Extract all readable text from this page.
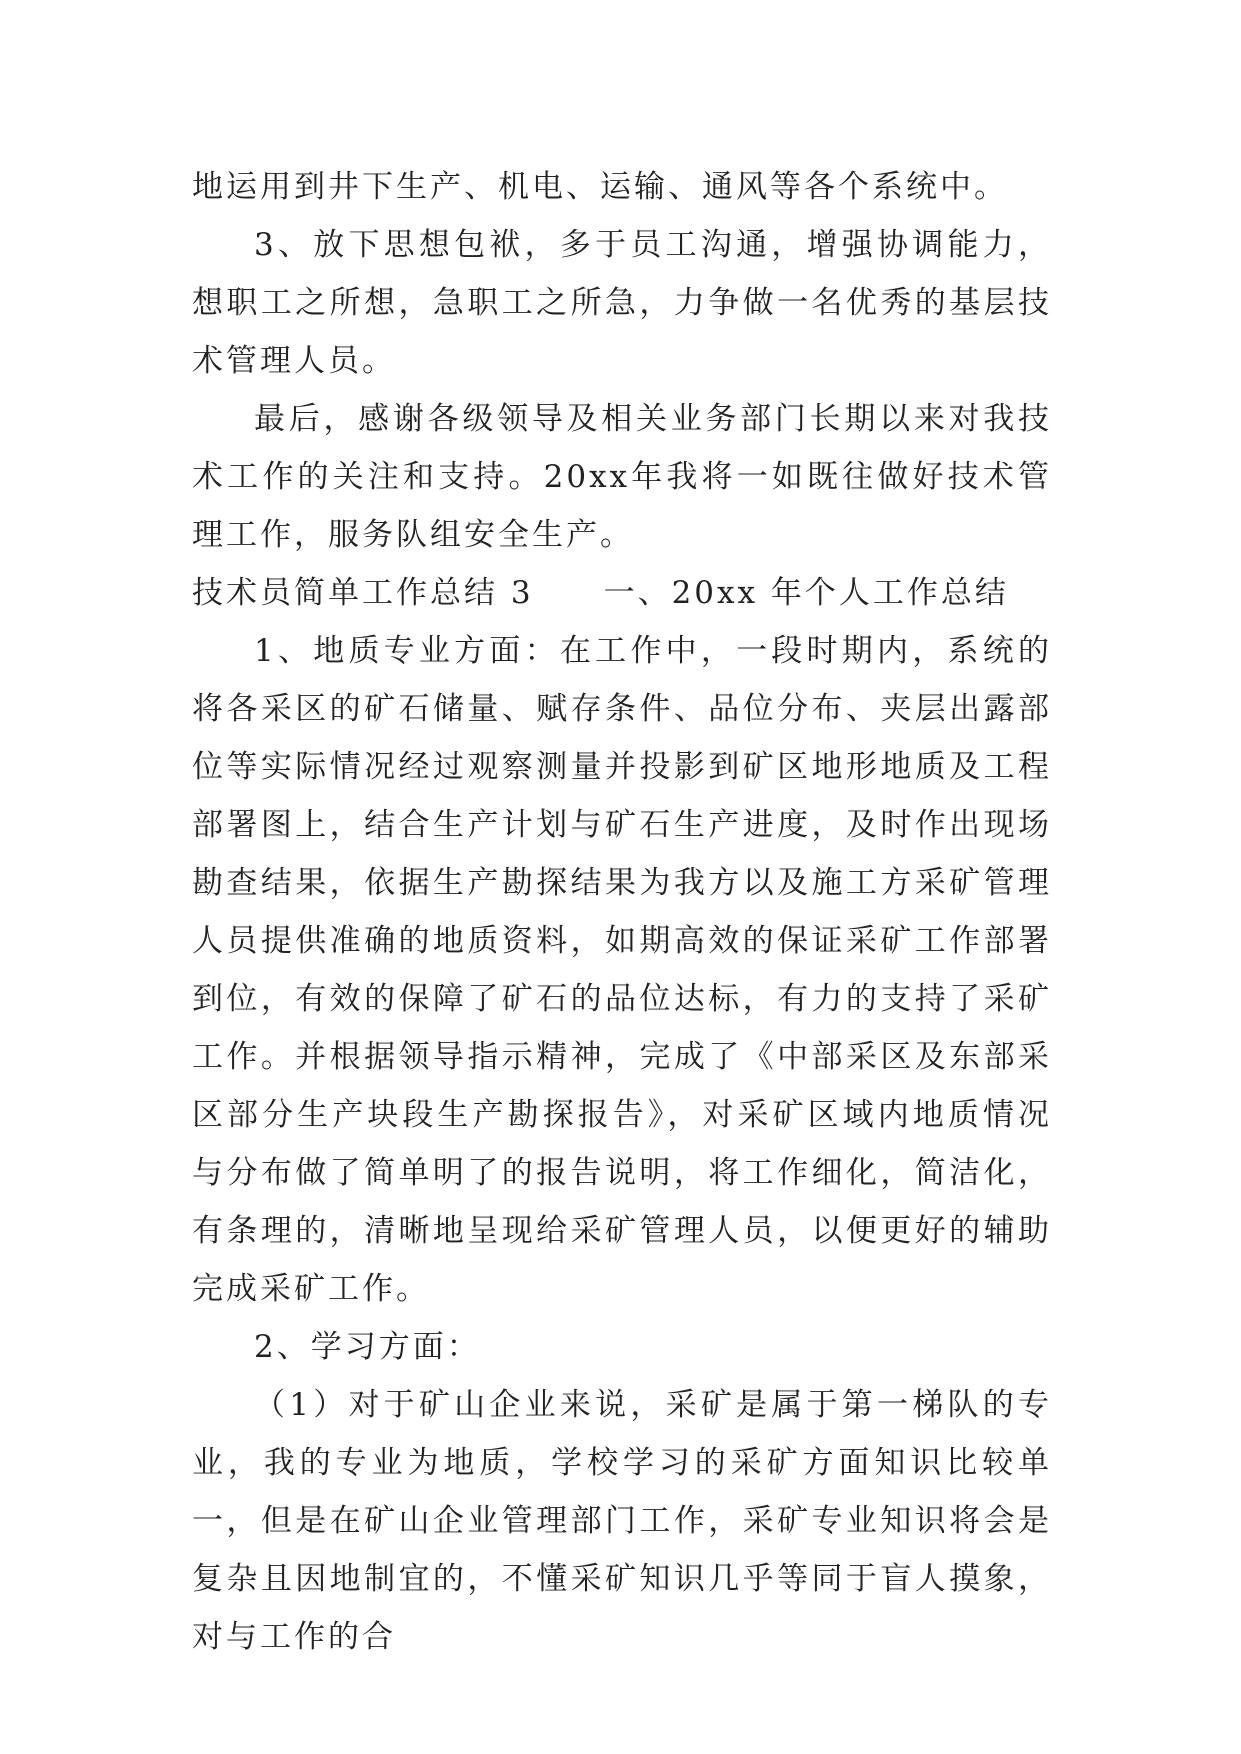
地运用到井下生产、机电、运输、通风等各个系统中。

3、放下思想包袱，多于员工沟通，增强协调能力，想职工之所想，急职工之所急，力争做一名优秀的基层技术管理人员。

最后，感谢各级领导及相关业务部门长期以来对我技术工作的关注和支持。20xx年我将一如既往做好技术管理工作，服务队组安全生产。

技术员简单工作总结 3 一、20xx 年个人工作总结

1、地质专业方面：在工作中，一段时期内，系统的将各采区的矿石储量、赋存条件、品位分布、夹层出露部位等实际情况经过观察测量并投影到矿区地形地质及工程部署图上，结合生产计划与矿石生产进度，及时作出现场勘查结果，依据生产勘探结果为我方以及施工方采矿管理人员提供准确的地质资料，如期高效的保证采矿工作部署到位，有效的保障了矿石的品位达标，有力的支持了采矿工作。并根据领导指示精神，完成了《中部采区及东部采区部分生产块段生产勘探报告》，对采矿区域内地质情况与分布做了简单明了的报告说明，将工作细化，简洁化，有条理的，清晰地呈现给采矿管理人员，以便更好的辅助完成采矿工作。

2、学习方面：

（1）对于矿山企业来说，采矿是属于第一梯队的专业，我的专业为地质，学校学习的采矿方面知识比较单一，但是在矿山企业管理部门工作，采矿专业知识将会是复杂且因地制宜的，不懂采矿知识几乎等同于盲人摸象，对与工作的合
